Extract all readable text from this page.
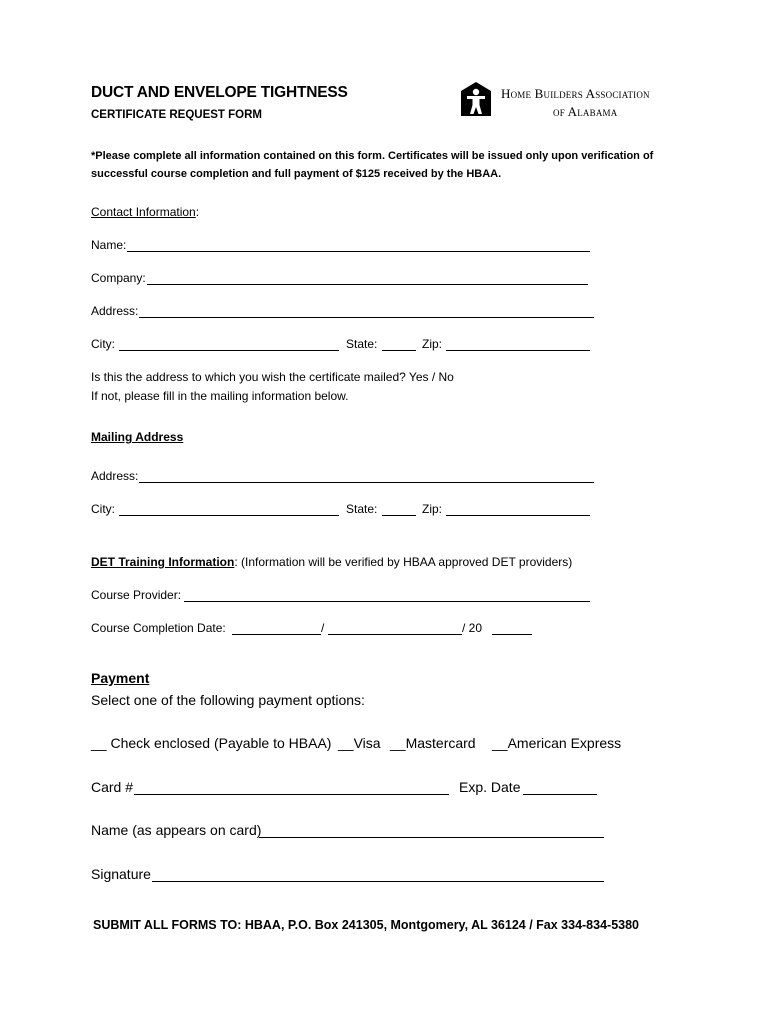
DUCT AND ENVELOPE TIGHTNESS
CERTIFICATE REQUEST FORM
Home Builders Association
of Alabama
*Please complete all information contained on this form. Certificates will be issued only upon verification of successful course completion and full payment of $125 received by the HBAA.
Contact Information:
Name:
Company:
Address:
City:	State:	Zip:
Is this the address to which you wish the certificate mailed? Yes / No
If not, please fill in the mailing information below.
Mailing Address
Address:
City:	State:	Zip:
DET Training Information: (Information will be verified by HBAA approved DET providers)
Course Provider:
Course Completion Date:	/	/ 20
Payment
Select one of the following payment options:
__ Check enclosed (Payable to HBAA) __Visa __Mastercard __American Express
Card #	Exp. Date
Name (as appears on card)
Signature
SUBMIT ALL FORMS TO: HBAA, P.O. Box 241305, Montgomery, AL 36124 / Fax 334-834-5380
